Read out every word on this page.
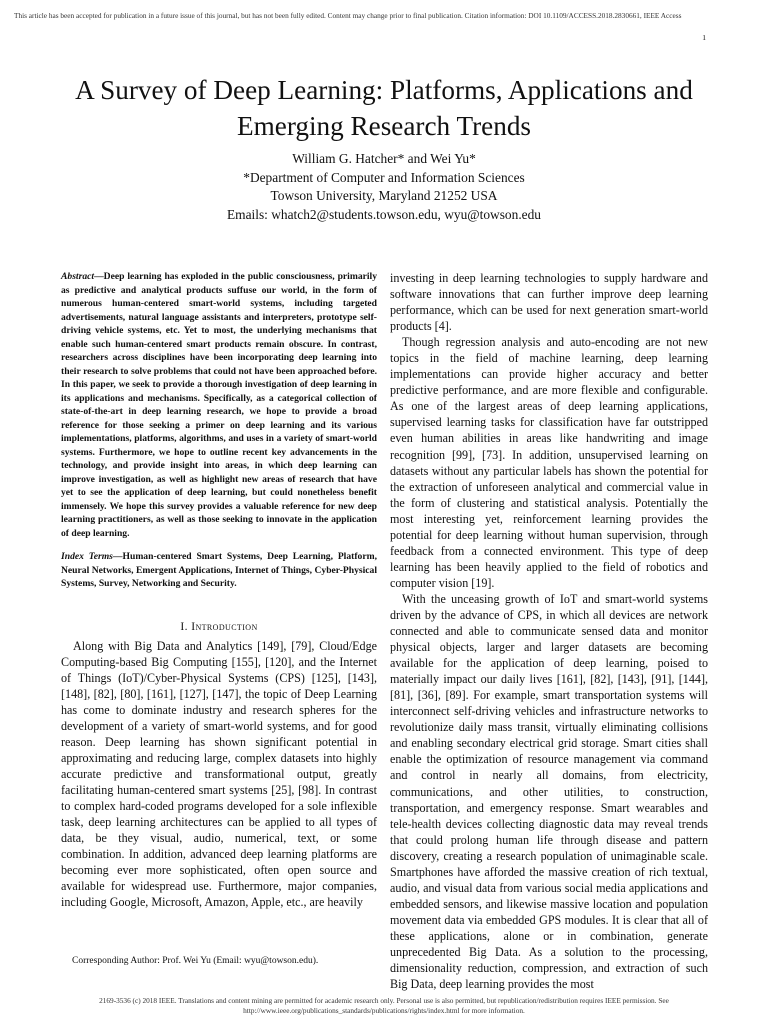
This article has been accepted for publication in a future issue of this journal, but has not been fully edited. Content may change prior to final publication. Citation information: DOI 10.1109/ACCESS.2018.2830661, IEEE Access
1
A Survey of Deep Learning: Platforms, Applications and Emerging Research Trends
William G. Hatcher* and Wei Yu*
*Department of Computer and Information Sciences
Towson University, Maryland 21252 USA
Emails: whatch2@students.towson.edu, wyu@towson.edu

Abstract—Deep learning has exploded in the public consciousness, primarily as predictive and analytical products suffuse our world, in the form of numerous human-centered smart-world systems, including targeted advertisements, natural language assistants and interpreters, prototype self-driving vehicle systems, etc. Yet to most, the underlying mechanisms that enable such human-centered smart products remain obscure. In contrast, researchers across disciplines have been incorporating deep learning into their research to solve problems that could not have been approached before. In this paper, we seek to provide a thorough investigation of deep learning in its applications and mechanisms. Specifically, as a categorical collection of state-of-the-art in deep learning research, we hope to provide a broad reference for those seeking a primer on deep learning and its various implementations, platforms, algorithms, and uses in a variety of smart-world systems. Furthermore, we hope to outline recent key advancements in the technology, and provide insight into areas, in which deep learning can improve investigation, as well as highlight new areas of research that have yet to see the application of deep learning, but could nonetheless benefit immensely. We hope this survey provides a valuable reference for new deep learning practitioners, as well as those seeking to innovate in the application of deep learning.

Index Terms—Human-centered Smart Systems, Deep Learning, Platform, Neural Networks, Emergent Applications, Internet of Things, Cyber-Physical Systems, Survey, Networking and Security.

I. Introduction

Along with Big Data and Analytics [149], [79], Cloud/Edge Computing-based Big Computing [155], [120], and the Internet of Things (IoT)/Cyber-Physical Systems (CPS) [125], [143], [148], [82], [80], [161], [127], [147], the topic of Deep Learning has come to dominate industry and research spheres for the development of a variety of smart-world systems, and for good reason. Deep learning has shown significant potential in approximating and reducing large, complex datasets into highly accurate predictive and transformational output, greatly facilitating human-centered smart systems [25], [98]. In contrast to complex hard-coded programs developed for a sole inflexible task, deep learning architectures can be applied to all types of data, be they visual, audio, numerical, text, or some combination. In addition, advanced deep learning platforms are becoming ever more sophisticated, often open source and available for widespread use. Furthermore, major companies, including Google, Microsoft, Amazon, Apple, etc., are heavily

investing in deep learning technologies to supply hardware and software innovations that can further improve deep learning performance, which can be used for next generation smart-world products [4].

Though regression analysis and auto-encoding are not new topics in the field of machine learning, deep learning implementations can provide higher accuracy and better predictive performance, and are more flexible and configurable. As one of the largest areas of deep learning applications, supervised learning tasks for classification have far outstripped even human abilities in areas like handwriting and image recognition [99], [73]. In addition, unsupervised learning on datasets without any particular labels has shown the potential for the extraction of unforeseen analytical and commercial value in the form of clustering and statistical analysis. Potentially the most interesting yet, reinforcement learning provides the potential for deep learning without human supervision, through feedback from a connected environment. This type of deep learning has been heavily applied to the field of robotics and computer vision [19].

With the unceasing growth of IoT and smart-world systems driven by the advance of CPS, in which all devices are network connected and able to communicate sensed data and monitor physical objects, larger and larger datasets are becoming available for the application of deep learning, poised to materially impact our daily lives [161], [82], [143], [91], [144], [81], [36], [89]. For example, smart transportation systems will interconnect self-driving vehicles and infrastructure networks to revolutionize daily mass transit, virtually eliminating collisions and enabling secondary electrical grid storage. Smart cities shall enable the optimization of resource management via command and control in nearly all domains, from electricity, communications, and other utilities, to construction, transportation, and emergency response. Smart wearables and tele-health devices collecting diagnostic data may reveal trends that could prolong human life through disease and pattern discovery, creating a research population of unimaginable scale. Smartphones have afforded the massive creation of rich textual, audio, and visual data from various social media applications and embedded sensors, and likewise massive location and population movement data via embedded GPS modules. It is clear that all of these applications, alone or in combination, generate unprecedented Big Data. As a solution to the processing, dimensionality reduction, compression, and extraction of such Big Data, deep learning provides the most

Corresponding Author: Prof. Wei Yu (Email: wyu@towson.edu).
2169-3536 (c) 2018 IEEE. Translations and content mining are permitted for academic research only. Personal use is also permitted, but republication/redistribution requires IEEE permission. See
http://www.ieee.org/publications_standards/publications/rights/index.html for more information.
